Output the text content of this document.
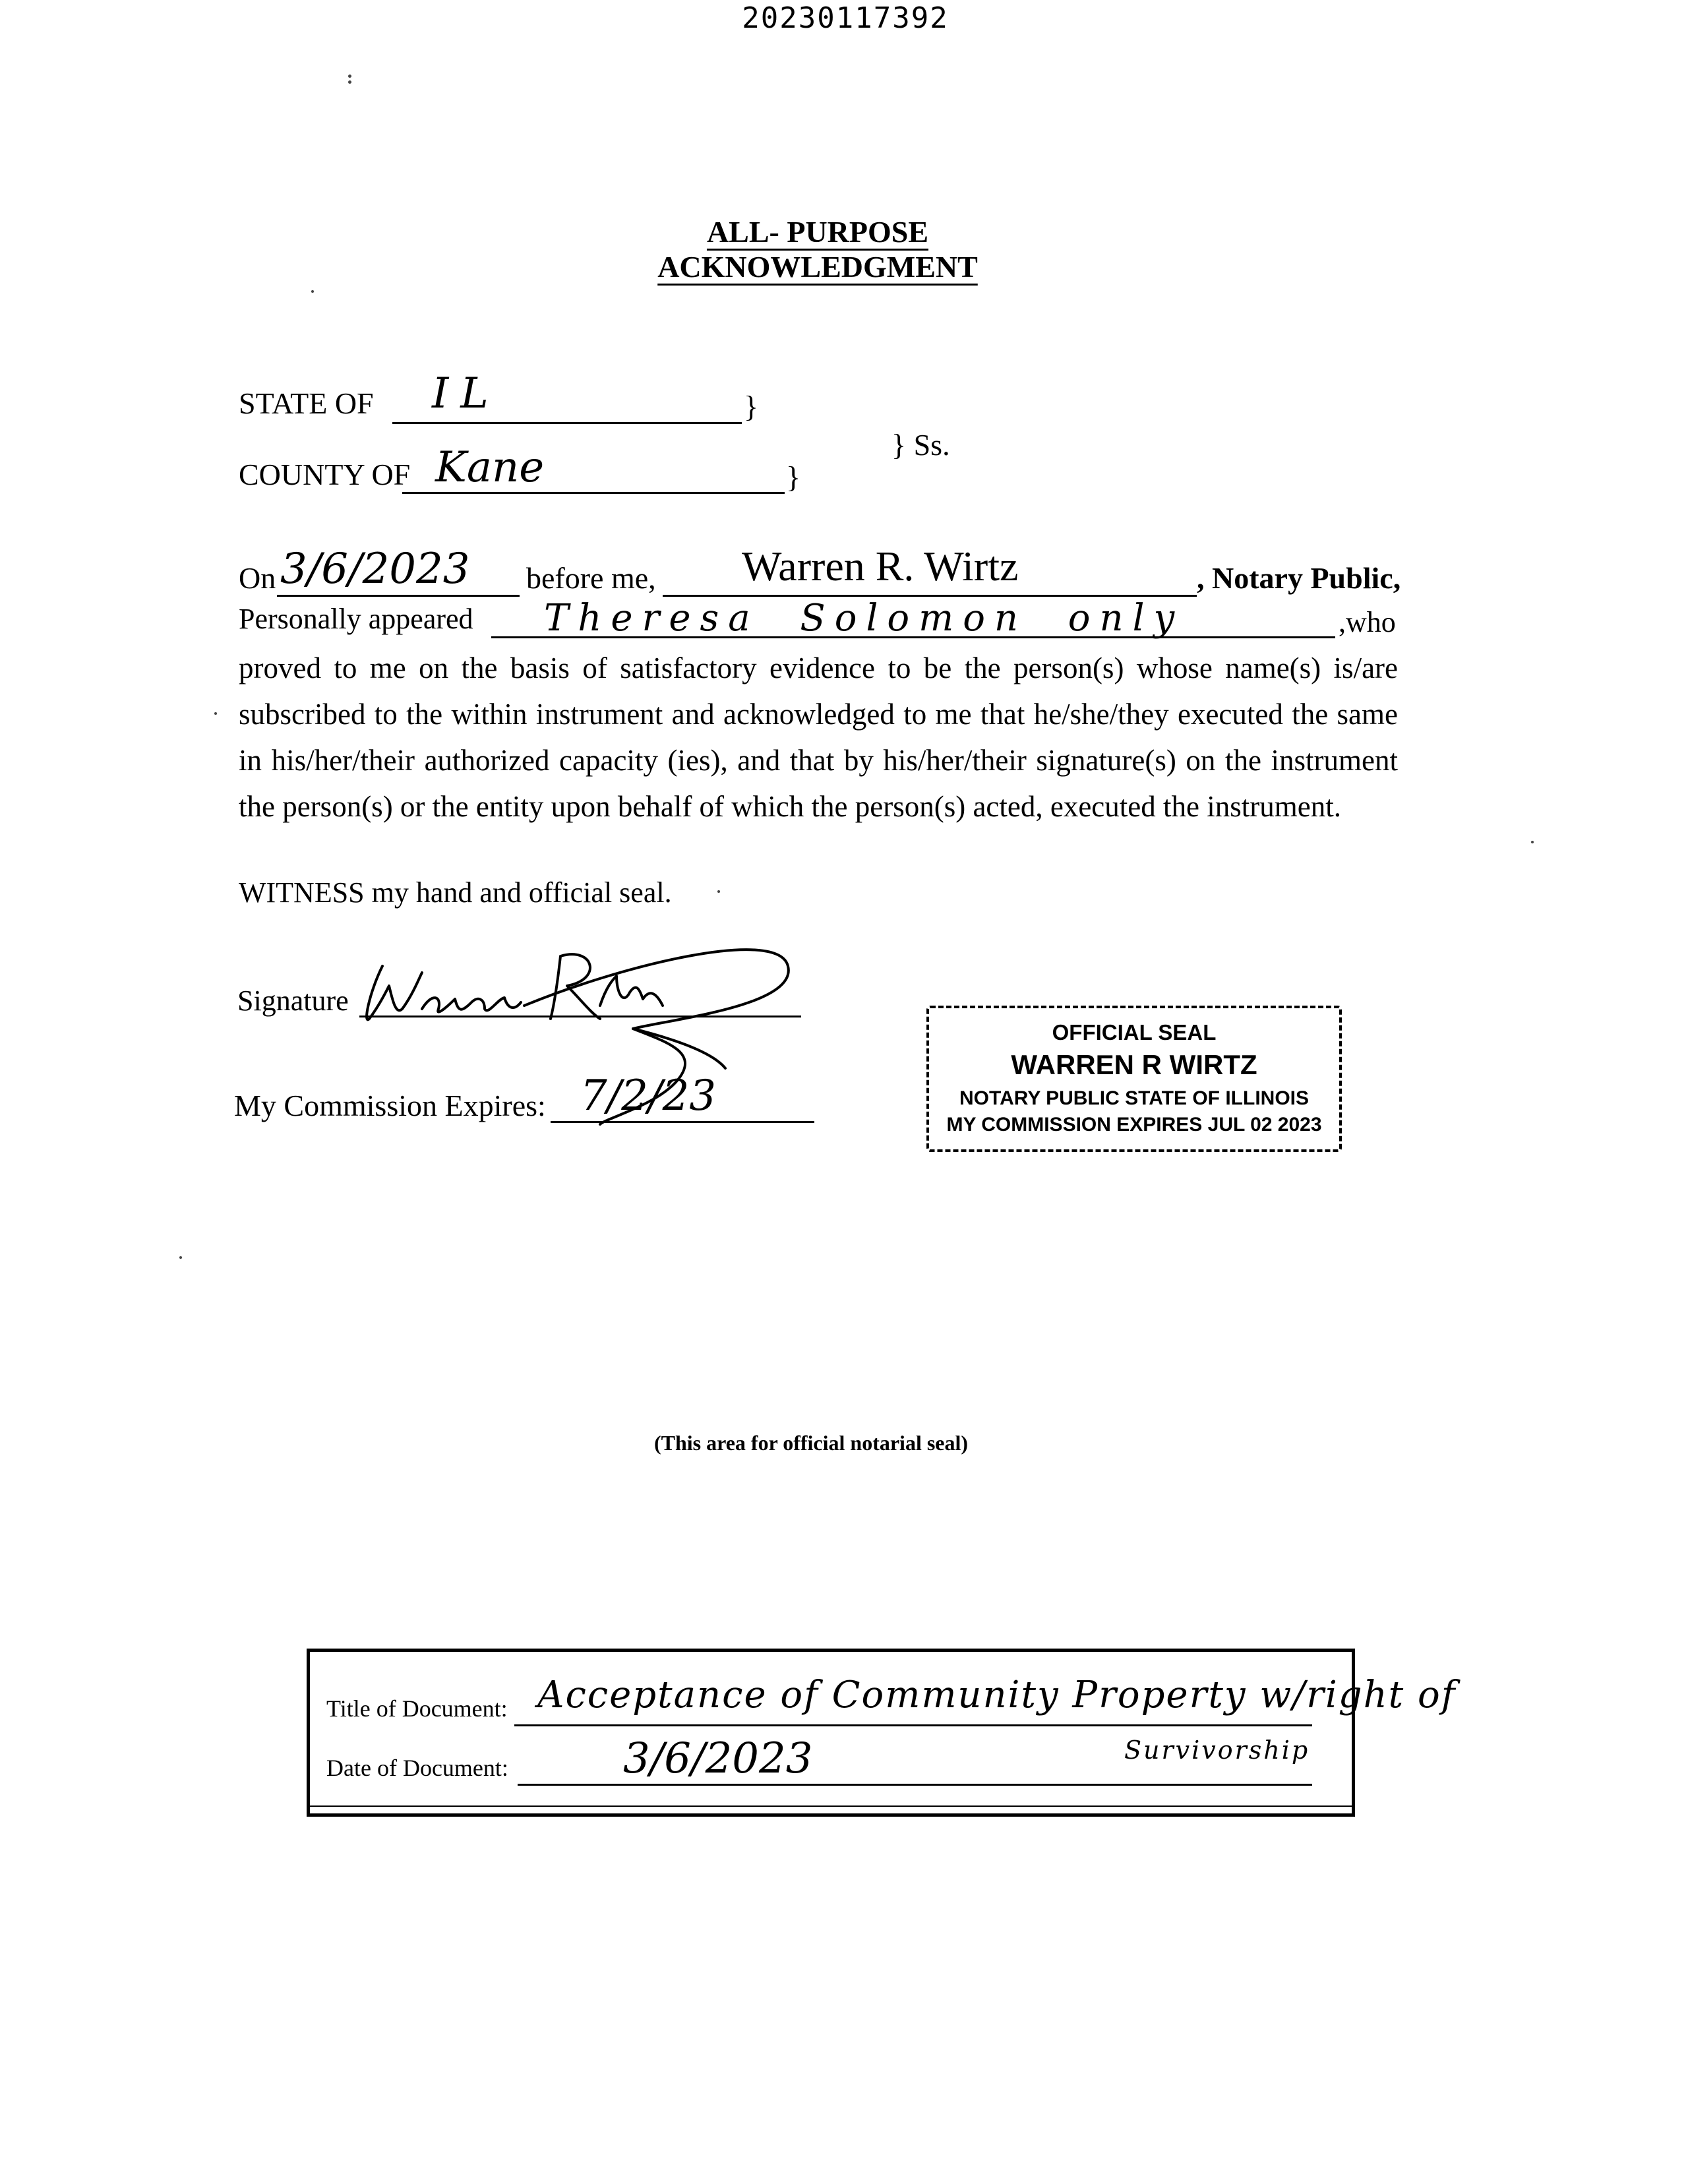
20230117392
ALL- PURPOSE ACKNOWLEDGMENT
STATE OF IL	}
} Ss.
COUNTY OF Kane	}
On 3/6/2023 before me, Warren R. Wirtz	, Notary Public,
Personally appeared Theresa Solomon only	,who
proved to me on the basis of satisfactory evidence to be the person(s) whose name(s) is/are subscribed to the within instrument and acknowledged to me that he/she/they executed the same in his/her/their authorized capacity (ies), and that by his/her/their signature(s) on the instrument the person(s) or the entity upon behalf of which the person(s) acted, executed the instrument.
WITNESS my hand and official seal.
Signature
My Commission Expires: 7/2/23
OFFICIAL SEAL
WARREN R WIRTZ
NOTARY PUBLIC STATE OF ILLINOIS
MY COMMISSION EXPIRES JUL 02 2023
(This area for official notarial seal)
Title of Document: Acceptance of Community Property w/right of
Survivorship
Date of Document:	3/6/2023
